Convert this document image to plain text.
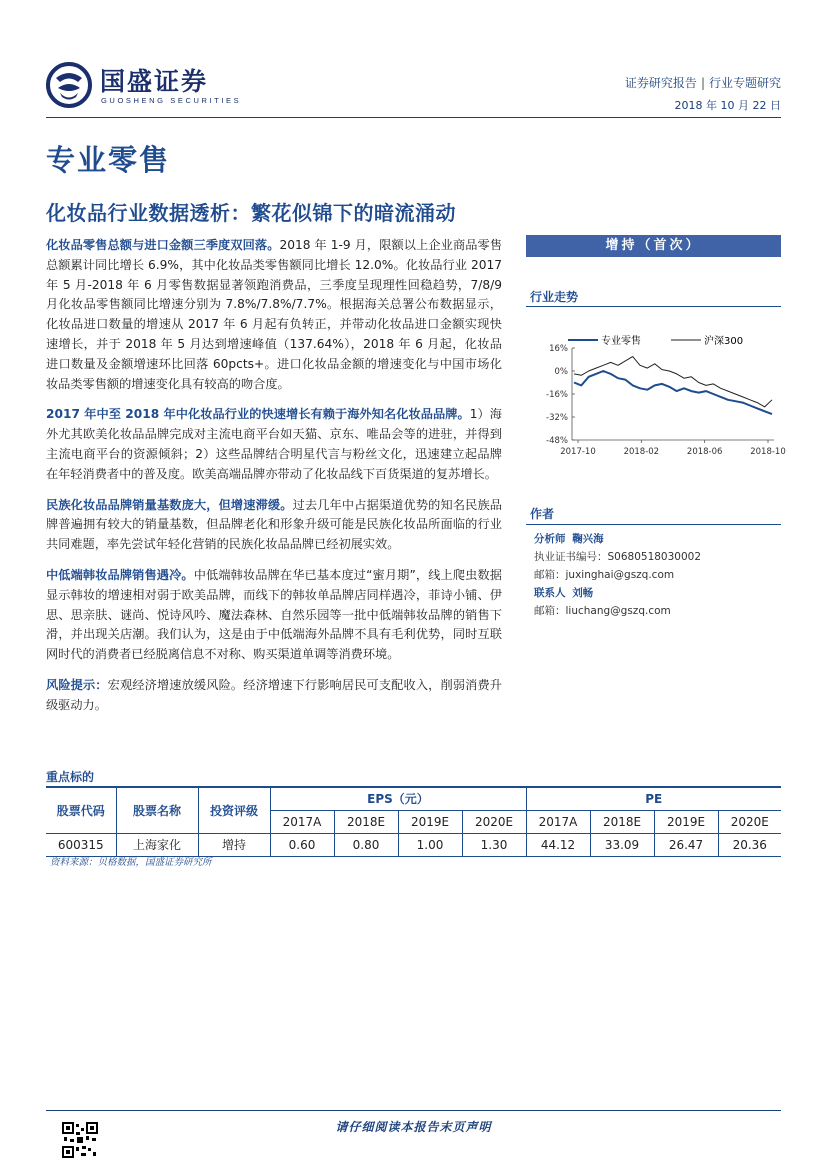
国盛证券
GUOSHENG SECURITIES
证券研究报告 | 行业专题研究
2018 年 10 月 22 日
专业零售
化妆品行业数据透析：繁花似锦下的暗流涌动

化妆品零售总额与进口金额三季度双回落。2018 年 1-9 月，限额以上企业商品零售总额累计同比增长 6.9%，其中化妆品类零售额同比增长 12.0%。化妆品行业 2017 年 5 月-2018 年 6 月零售数据显著领跑消费品，三季度呈现理性回稳趋势，7/8/9 月化妆品零售额同比增速分别为 7.8%/7.8%/7.7%。根据海关总署公布数据显示，化妆品进口数量的增速从 2017 年 6 月起有负转正，并带动化妆品进口金额实现快速增长，并于 2018 年 5 月达到增速峰值（137.64%），2018 年 6 月起，化妆品进口数量及金额增速环比回落 60pcts+。进口化妆品金额的增速变化与中国市场化妆品类零售额的增速变化具有较高的吻合度。

2017 年中至 2018 年中化妆品行业的快速增长有赖于海外知名化妆品品牌。1）海外尤其欧美化妆品品牌完成对主流电商平台如天猫、京东、唯品会等的进驻，并得到主流电商平台的资源倾斜；2）这些品牌结合明星代言与粉丝文化，迅速建立起品牌在年轻消费者中的普及度。欧美高端品牌亦带动了化妆品线下百货渠道的复苏增长。

民族化妆品品牌销量基数庞大，但增速滞缓。过去几年中占据渠道优势的知名民族品牌普遍拥有较大的销量基数，但品牌老化和形象升级可能是民族化妆品所面临的行业共同难题，率先尝试年轻化营销的民族化妆品品牌已经初展实效。

中低端韩妆品牌销售遇冷。中低端韩妆品牌在华已基本度过“蜜月期”，线上爬虫数据显示韩妆的增速相对弱于欧美品牌，而线下的韩妆单品牌店同样遇冷，菲诗小铺、伊思、思亲肤、谜尚、悦诗风吟、魔法森林、自然乐园等一批中低端韩妆品牌的销售下滑，并出现关店潮。我们认为，这是由于中低端海外品牌不具有毛利优势，同时互联网时代的消费者已经脱离信息不对称、购买渠道单调等消费环境。

风险提示：宏观经济增速放缓风险。经济增速下行影响居民可支配收入，削弱消费升级驱动力。

增持（首次）
行业走势
专业零售	沪深300
16%
0%
-16%
-32%
-48%
2017-10	2018-02	2018-06	2018-10
作者
分析师 鞠兴海
执业证书编号：S0680518030002
邮箱：juxinghai@gszq.com
联系人 刘畅
邮箱：liuchang@gszq.com
重点标的
股票代码	股票名称	投资评级	EPS（元）				PE			
			2017A	2018E	2019E	2020E	2017A	2018E	2019E	2020E
600315	上海家化	增持	0.60	0.80	1.00	1.30	44.12	33.09	26.47	20.36
资料来源：贝格数据，国盛证券研究所
请仔细阅读本报告末页声明
